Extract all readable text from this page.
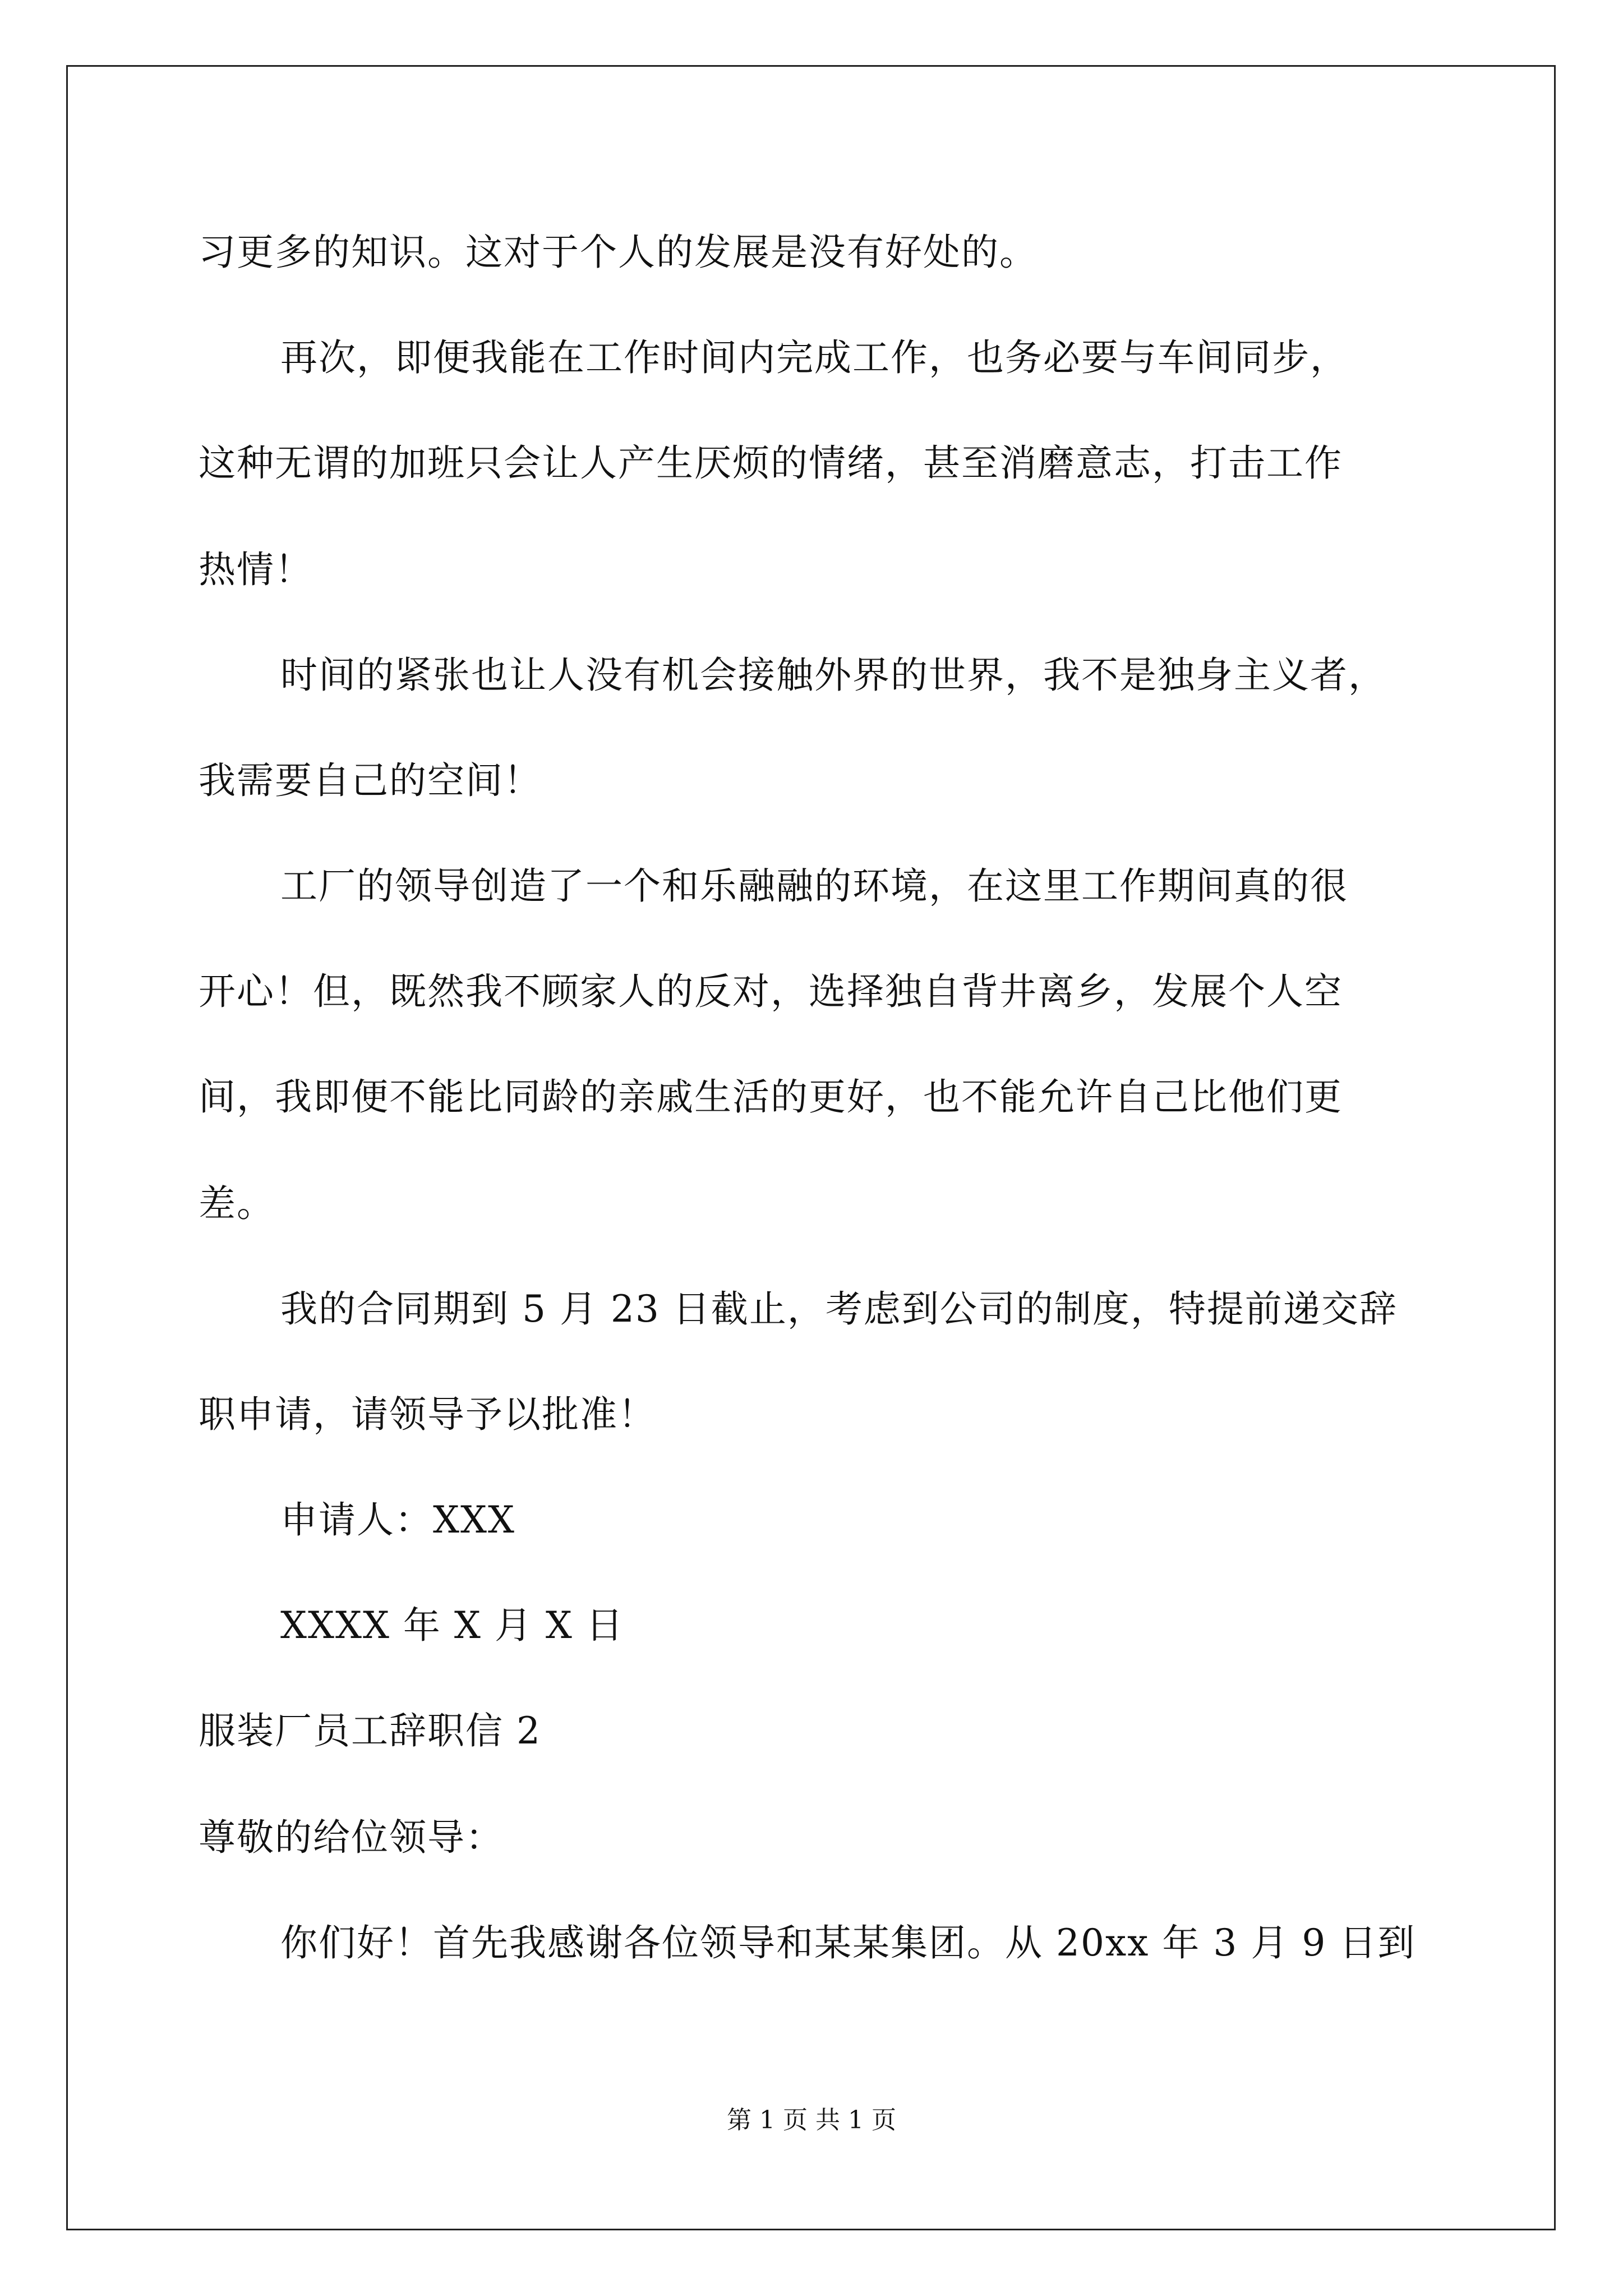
习更多的知识。这对于个人的发展是没有好处的。

再次，即便我能在工作时间内完成工作，也务必要与车间同步，

这种无谓的加班只会让人产生厌烦的情绪，甚至消磨意志，打击工作

热情！

时间的紧张也让人没有机会接触外界的世界，我不是独身主义者，

我需要自己的空间！

工厂的领导创造了一个和乐融融的环境，在这里工作期间真的很

开心！但，既然我不顾家人的反对，选择独自背井离乡，发展个人空

间，我即便不能比同龄的亲戚生活的更好，也不能允许自己比他们更

差。

我的合同期到 5 月 23 日截止，考虑到公司的制度，特提前递交辞

职申请，请领导予以批准！

申请人：XXX

XXXX 年 X 月 X 日

服装厂员工辞职信 2

尊敬的给位领导：

你们好！首先我感谢各位领导和某某集团。从 20xx 年 3 月 9 日到

第 1 页 共 1 页
